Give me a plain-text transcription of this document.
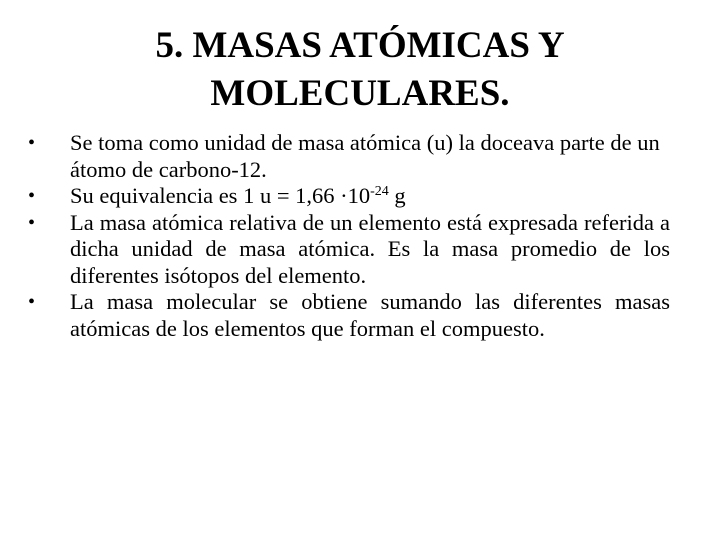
5. MASAS ATÓMICAS Y
MOLECULARES.
•	Se toma como unidad de masa atómica (u) la doceava parte de un átomo de carbono-12.
•	Su equivalencia es 1 $u = 1,66 \cdot 10^{-24}$ g
•	La masa atómica relativa de un elemento está expresada referida a dicha unidad de masa atómica. Es la masa promedio de los diferentes isótopos del elemento.
•	La masa molecular se obtiene sumando las diferentes masas atómicas de los elementos que forman el compuesto.
